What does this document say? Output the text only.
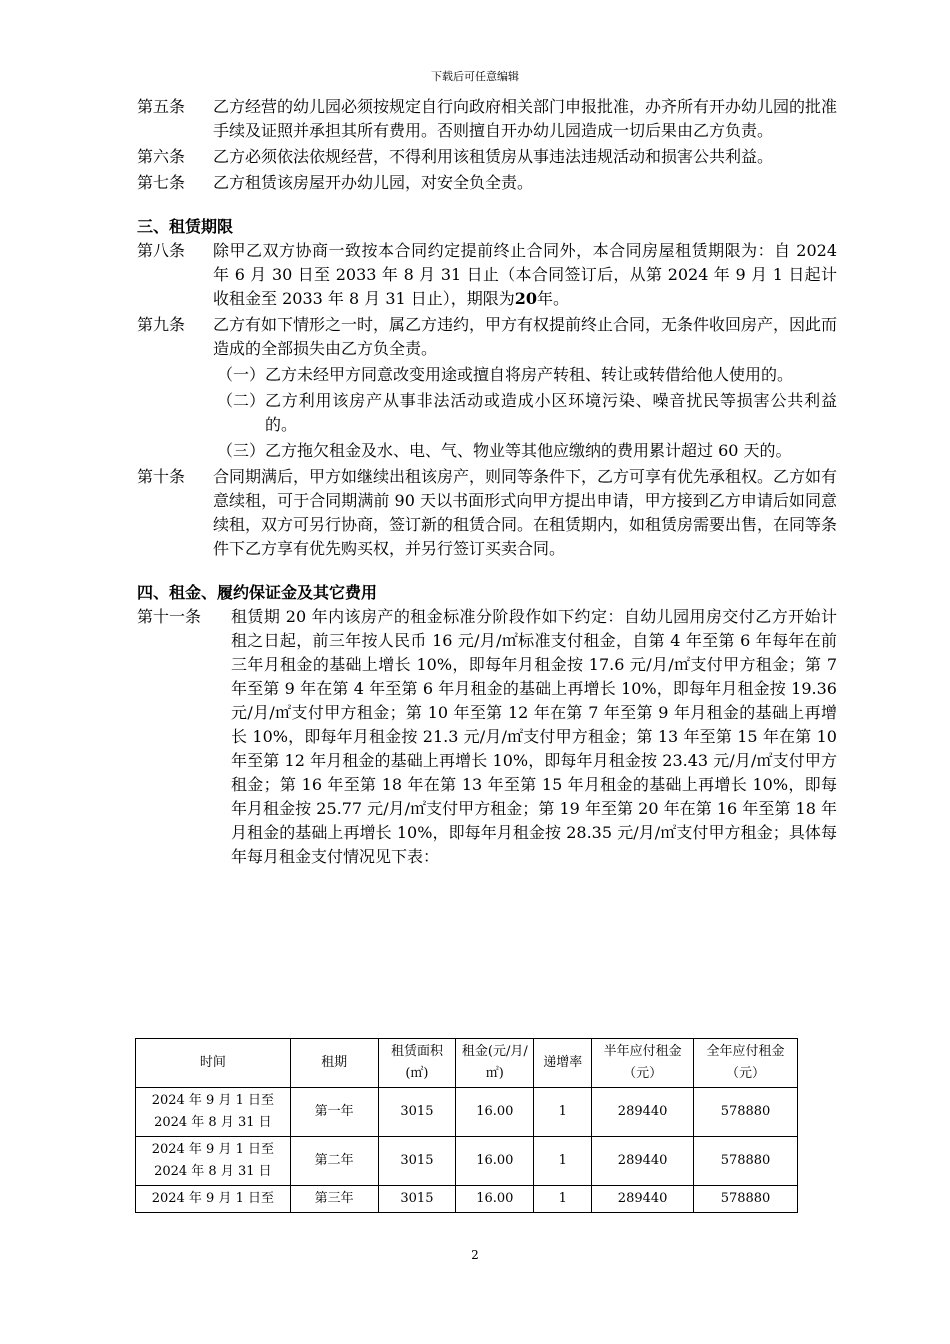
下载后可任意编辑
第五条	乙方经营的幼儿园必须按规定自行向政府相关部门申报批准，办齐所有开办幼儿园的批准手续及证照并承担其所有费用。否则擅自开办幼儿园造成一切后果由乙方负责。
第六条	乙方必须依法依规经营，不得利用该租赁房从事违法违规活动和损害公共利益。
第七条	乙方租赁该房屋开办幼儿园，对安全负全责。
三、租赁期限
第八条	除甲乙双方协商一致按本合同约定提前终止合同外，本合同房屋租赁期限为：自 2024 年 6 月 30 日至 2033 年 8 月 31 日止（本合同签订后，从第 2024 年 9 月 1 日起计收租金至 2033 年 8 月 31 日止），期限为20年。
第九条	乙方有如下情形之一时，属乙方违约，甲方有权提前终止合同，无条件收回房产，因此而造成的全部损失由乙方负全责。
（一） 乙方未经甲方同意改变用途或擅自将房产转租、转让或转借给他人使用的。
（二） 乙方利用该房产从事非法活动或造成小区环境污染、噪音扰民等损害公共利益的。
（三） 乙方拖欠租金及水、电、气、物业等其他应缴纳的费用累计超过 60 天的。
第十条	合同期满后，甲方如继续出租该房产，则同等条件下，乙方可享有优先承租权。乙方如有意续租，可于合同期满前 90 天以书面形式向甲方提出申请，甲方接到乙方申请后如同意续租，双方可另行协商，签订新的租赁合同。在租赁期内，如租赁房需要出售，在同等条件下乙方享有优先购买权，并另行签订买卖合同。
四、租金、履约保证金及其它费用
第十一条	租赁期 20 年内该房产的租金标准分阶段作如下约定：自幼儿园用房交付乙方开始计租之日起，前三年按人民币 16 元/月/㎡标准支付租金，自第 4 年至第 6 年每年在前三年月租金的基础上增长 10%，即每年月租金按 17.6 元/月/㎡支付甲方租金；第 7 年至第 9 年在第 4 年至第 6 年月租金的基础上再增长 10%，即每年月租金按 19.36 元/月/㎡支付甲方租金；第 10 年至第 12 年在第 7 年至第 9 年月租金的基础上再增长 10%，即每年月租金按 21.3 元/月/㎡支付甲方租金；第 13 年至第 15 年在第 10 年至第 12 年月租金的基础上再增长 10%，即每年月租金按 23.43 元/月/㎡支付甲方租金；第 16 年至第 18 年在第 13 年至第 15 年月租金的基础上再增长 10%，即每年月租金按 25.77 元/月/㎡支付甲方租金；第 19 年至第 20 年在第 16 年至第 18 年月租金的基础上再增长 10%，即每年月租金按 28.35 元/月/㎡支付甲方租金；具体每年每月租金支付情况见下表：
时间	租期	租赁面积(㎡)	租金(元/月/㎡)	递增率	半年应付租金（元）	全年应付租金（元）
2024 年 9 月 1 日至 2024 年 8 月 31 日	第一年	3015	16.00	1	289440	578880
2024 年 9 月 1 日至 2024 年 8 月 31 日	第二年	3015	16.00	1	289440	578880
2024 年 9 月 1 日至	第三年	3015	16.00	1	289440	578880
2
